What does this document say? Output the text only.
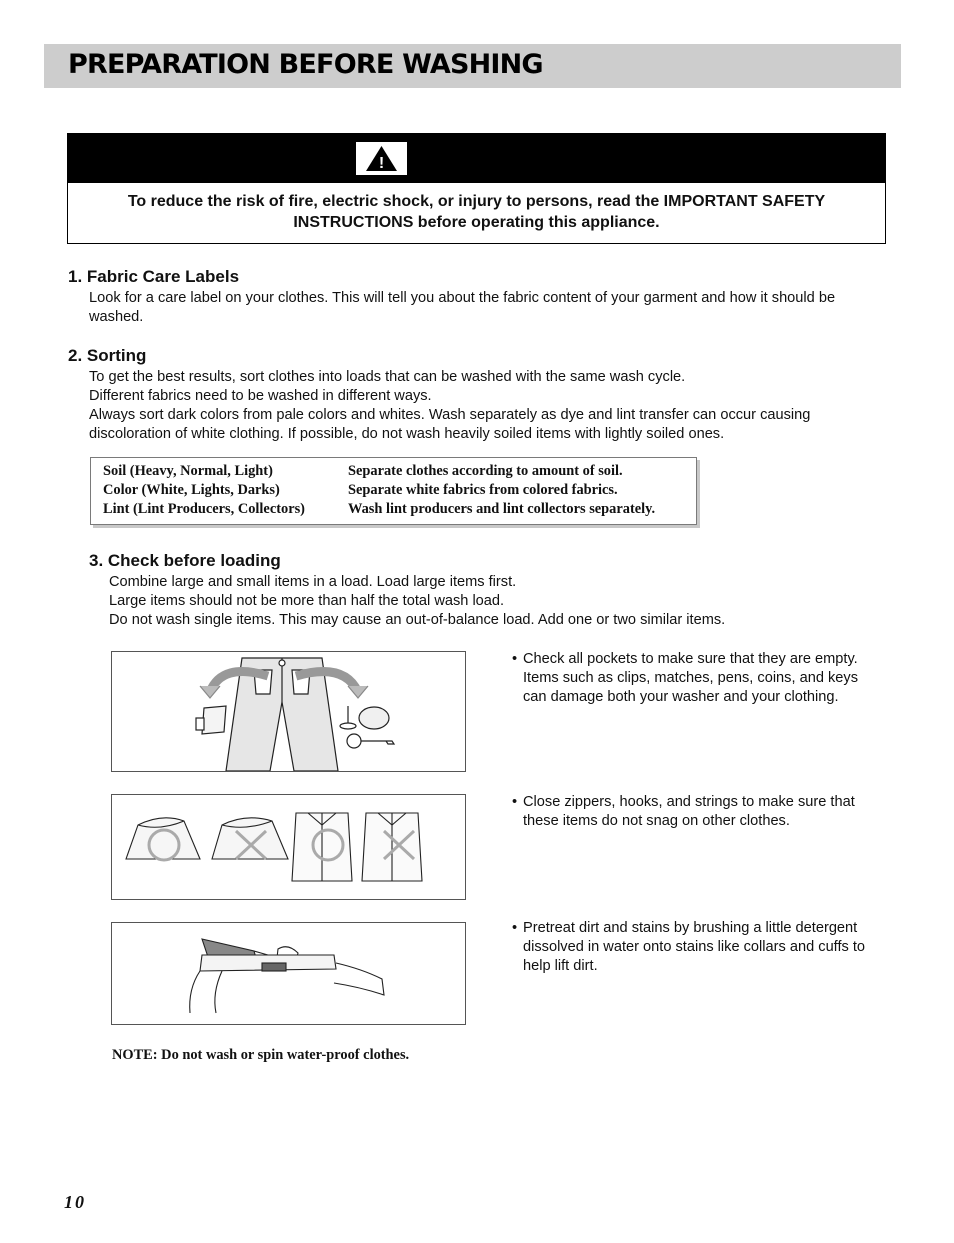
PREPARATION BEFORE WASHING
!
To reduce the risk of fire, electric shock, or injury to persons, read the IMPORTANT SAFETY INSTRUCTIONS before operating this appliance.
1. Fabric Care Labels

Look for a care label on your clothes. This will tell you about the fabric content of your garment and how it should be washed.

2. Sorting

To get the best results, sort clothes into loads that can be washed with the same wash cycle.

Different fabrics need to be washed in different ways.

Always sort dark colors from pale colors and whites. Wash separately as dye and lint transfer can occur causing discoloration of white clothing. If possible, do not wash heavily soiled items with lightly soiled ones.

Soil (Heavy, Normal, Light)	Separate clothes according to amount of soil.
Color (White, Lights, Darks)	Separate white fabrics from colored fabrics.
Lint (Lint Producers, Collectors)	Wash lint producers and lint collectors separately.
3. Check before loading

Combine large and small items in a load. Load large items first.

Large items should not be more than half the total wash load.

Do not wash single items. This may cause an out-of-balance load. Add one or two similar items.

• Check all pockets to make sure that they are empty. Items such as clips, matches, pens, coins, and keys can damage both your washer and your clothing.
• Close zippers, hooks, and strings to make sure that these items do not snag on other clothes.
• Pretreat dirt and stains by brushing a little detergent dissolved in water onto stains like collars and cuffs to help lift dirt.
NOTE: Do not wash or spin water-proof clothes.
10
